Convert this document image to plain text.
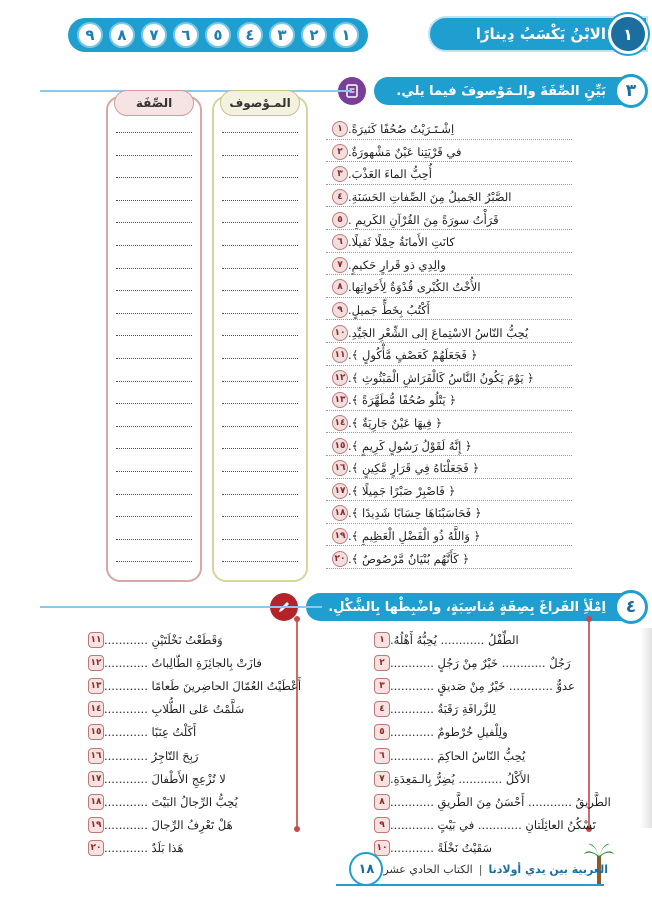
١
٢
٣
٤
٥
٦
٧
٨
٩	الابْنُ يَكْسَبُ دِينارًا ١
٣
بَيِّنِ الصِّفَةَ والـمَوْصوفَ فيما يلي.
المـوْصوف
الصِّفَة
١ اِشْـتَـرَيْتُ صُحُفًا كَثيرَةً.
٢ في قَرْيَتِنا عَيْنٌ مَشْهورَةٌ.
٣ أُحِبُّ الماءَ العَذْبَ.
٤ الصَّبْرُ الجَميلُ مِنَ الصِّفاتِ الحَسَنَةِ.
٥ قَرَأْتُ سورَةً مِنَ القُرْآنِ الكَريمِ .
٦ كانَتِ الأَمانَةُ حِمْلًا ثَقيلًا.
٧ والِدِي ذو قَرارٍ حَكيمٍ.
٨ الأُخْتُ الكُبْرى قُدْوَةٌ لِأَخَواتِها.
٩ أَكْتُبُ بِخَطٍّ جَميلٍ.
١٠ يُحِبُّ النّاسُ الاسْتِماعَ إلى الشِّعْرِ الجَيِّدِ.
١١ ﴿ فَجَعَلَهُمْ كَعَصْفٍ مَّأْكُولٍ ﴾.
١٢ ﴿ يَوْمَ يَكُونُ النَّاسُ كَالْفَرَاشِ الْمَبْثُوثِ ﴾.
١٣ ﴿ يَتْلُو صُحُفًا مُّطَهَّرَةً ﴾.
١٤ ﴿ فِيهَا عَيْنٌ جَارِيَةٌ ﴾.
١٥ ﴿ إِنَّهُ لَقَوْلُ رَسُولٍ كَرِيمٍ ﴾.
١٦ ﴿ فَجَعَلْنَاهُ فِي قَرَارٍ مَّكِينٍ ﴾.
١٧ ﴿ فَاصْبِرْ صَبْرًا جَمِيلًا ﴾.
١٨ ﴿ فَحَاسَبْنَاهَا حِسَابًا شَدِيدًا ﴾.
١٩ ﴿ وَاللَّهُ ذُو الْفَضْلِ الْعَظِيمِ ﴾.
٢٠ ﴿ كَأَنَّهُم بُنْيَانٌ مَّرْصُوصٌ ﴾.
٤
اِمْلَأِ الفَراغَ بِصِفَةٍ مُناسِبَةٍ، واضْبِطْها بِالشَّكْلِ.
١ الطِّفْلُ ............ يُحِبُّهُ أَهْلُهُ.
٢ رَجُلٌ ............ خَيْرٌ مِنْ رَجُلٍ ............
٣ عدوٌّ ............ خَيْرٌ مِنْ صَديقٍ ............
٤ لِلزَّرافَةِ رَقَبَةٌ ............
٥ ولِلْفيلِ خُرْطومٌ ............
٦ يُحِبُّ النّاسُ الحاكِمَ ............
٧ الأَكْلُ ............ يُضِرُّ بِالـمَعِدَةِ.
٨ الطَّريقُ ............ أَحْسَنُ مِنَ الطَّريقِ ............
٩ تَسْكُنُ العائِلَتانِ ............ في بَيْتٍ ............
١٠ سَقَيْتُ نَخْلَةً ............
١١ وَقَطَعْتُ نَخْلَتَيْنِ ............
١٢ فازَتْ بِالجائِزَةِ الطّالِباتُ ............
١٣ أَعْطَيْتُ العُمّالَ الحاضِرينَ طَعامًا ............
١٤ سَلَّمْتُ عَلى الطُّلابِ ............
١٥ أَكَلْتُ عِنَبًا ............
١٦ رَبِحَ التّاجِرُ ............
١٧ لا تُزْعِجِ الأَطْفالَ ............
١٨ يُحِبُّ الرِّجالُ البَيْتَ ............
١٩ هَلْ تَعْرِفُ الرِّجالَ ............
٢٠ هَذا بَلَدٌ ............
١٨	العربية بين يدي أولادنا|الكتاب الحادي عشر
